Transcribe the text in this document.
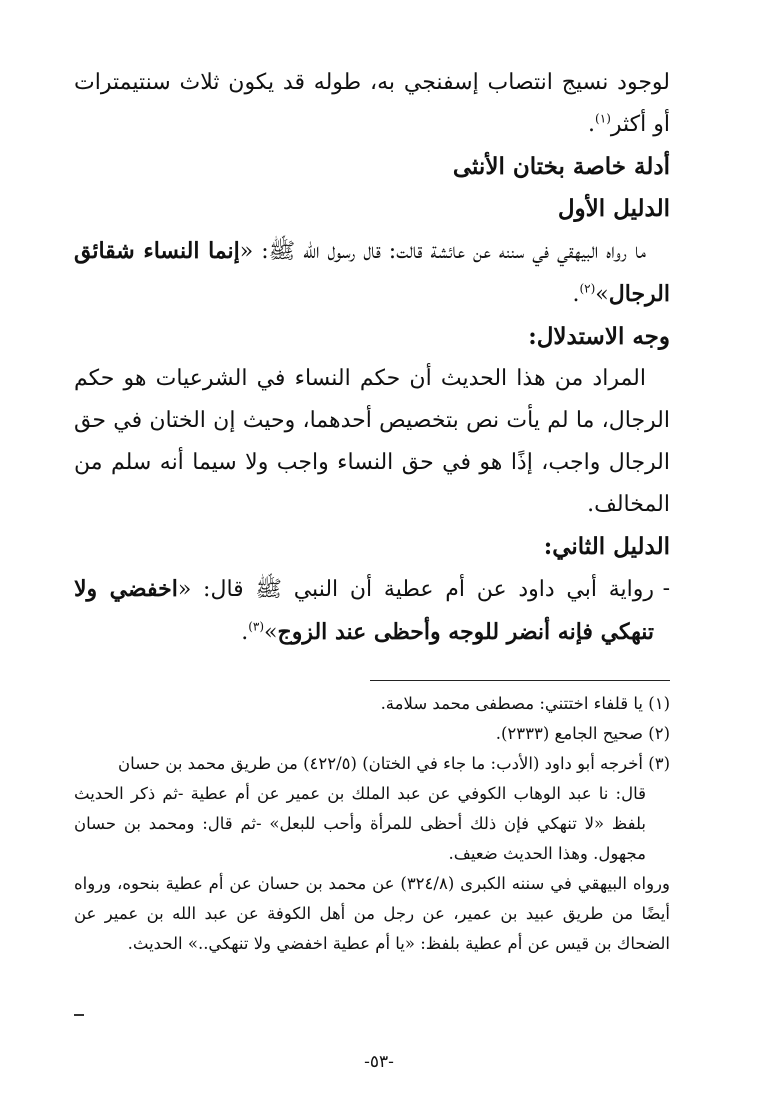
لوجود نسيج انتصاب إسفنجي به، طوله قد يكون ثلاث سنتيمترات أو أكثر$^{(١)}$.

أدلة خاصة بختان الأنثى
الدليل الأول

ما رواه البيهقي في سننه عن عائشة قالت: قال رسول الله ﷺ: «إنما النساء شقائق الرجال»$^{(٢)}$.

وجه الاستدلال:

المراد من هذا الحديث أن حكم النساء في الشرعيات هو حكم الرجال، ما لم يأت نص بتخصيص أحدهما، وحيث إن الختان في حق الرجال واجب، إذًا هو في حق النساء واجب ولا سيما أنه سلم من المخالف.

الدليل الثاني:

-
رواية أبي داود عن أم عطية أن النبي ﷺ قال: «اخفضي ولا تنهكي فإنه أنضر للوجه وأحظى عند الزوج»$^{(٣)}$.

(١) يا قلفاء اختتني: مصطفى محمد سلامة.

(٢) صحيح الجامع (٢٣٣٣).

(٣) أخرجه أبو داود (الأدب: ما جاء في الختان) (٤٢٢/٥) من طريق محمد بن حسان

قال: نا عبد الوهاب الكوفي عن عبد الملك بن عمير عن أم عطية -ثم ذكر الحديث بلفظ «لا تنهكي فإن ذلك أحظى للمرأة وأحب للبعل» -ثم قال: ومحمد بن حسان مجهول. وهذا الحديث ضعيف.

ورواه البيهقي في سننه الكبرى (٣٢٤/٨) عن محمد بن حسان عن أم عطية بنحوه، ورواه أيضًا من طريق عبيد بن عمير، عن رجل من أهل الكوفة عن عبد الله بن عمير عن الضحاك بن قيس عن أم عطية بلفظ: «يا أم عطية اخفضي ولا تنهكي..» الحديث.

-٥٣-
